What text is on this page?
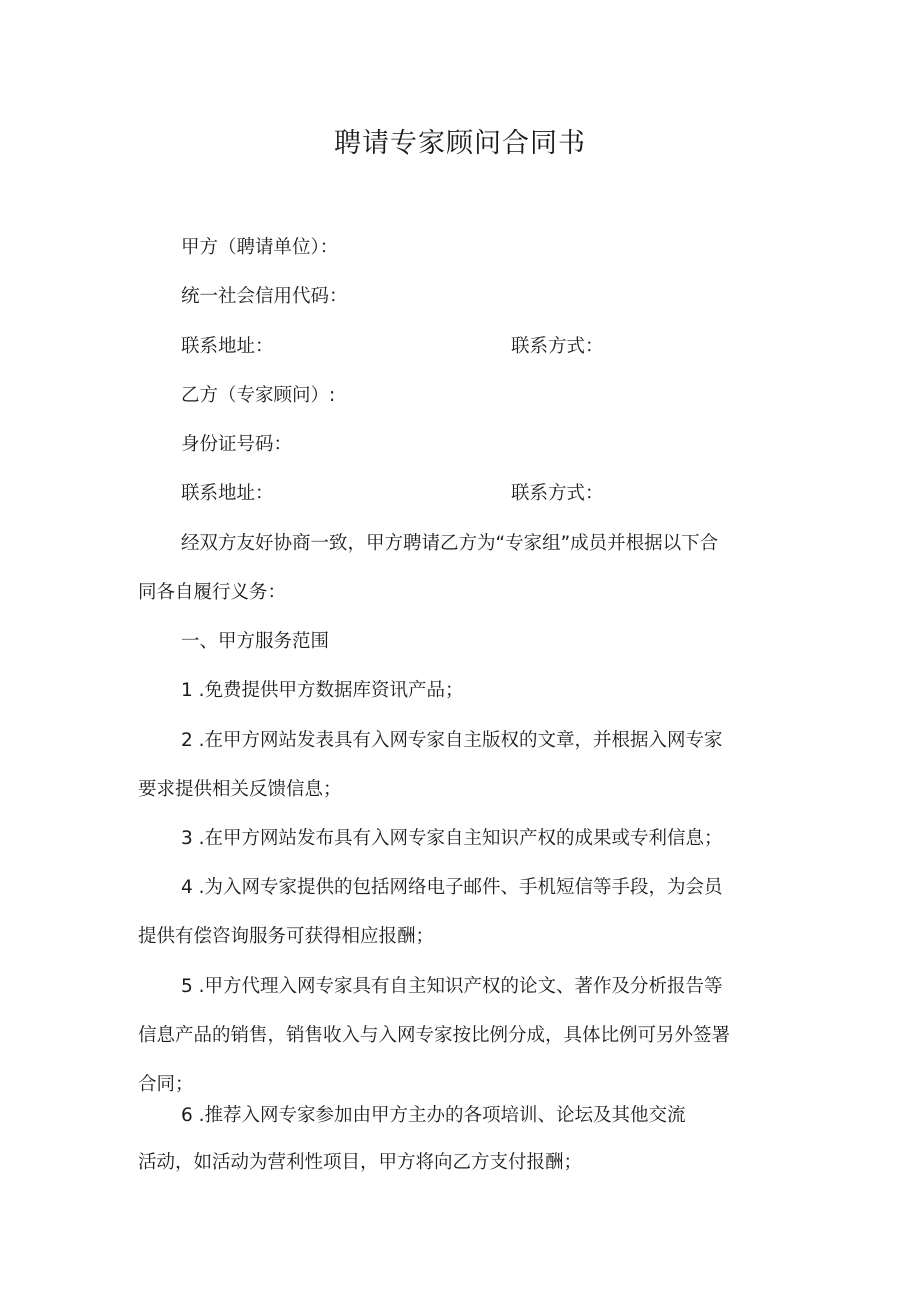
聘请专家顾问合同书

甲方（聘请单位）：

统一社会信用代码：

联系地址：	联系方式：

乙方（专家顾问）:

身份证号码：

联系地址：	联系方式：

经双方友好协商一致，甲方聘请乙方为“专家组”成员并根据以下合

同各自履行义务：

一、甲方服务范围

1 .免费提供甲方数据库资讯产品；

2 .在甲方网站发表具有入网专家自主版权的文章，并根据入网专家

要求提供相关反馈信息；

3 .在甲方网站发布具有入网专家自主知识产权的成果或专利信息；

4 .为入网专家提供的包括网络电子邮件、手机短信等手段，为会员

提供有偿咨询服务可获得相应报酬；

5 .甲方代理入网专家具有自主知识产权的论文、著作及分析报告等

信息产品的销售，销售收入与入网专家按比例分成，具体比例可另外签署

合同；

6 .推荐入网专家参加由甲方主办的各项培训、论坛及其他交流

活动，如活动为营利性项目，甲方将向乙方支付报酬；
